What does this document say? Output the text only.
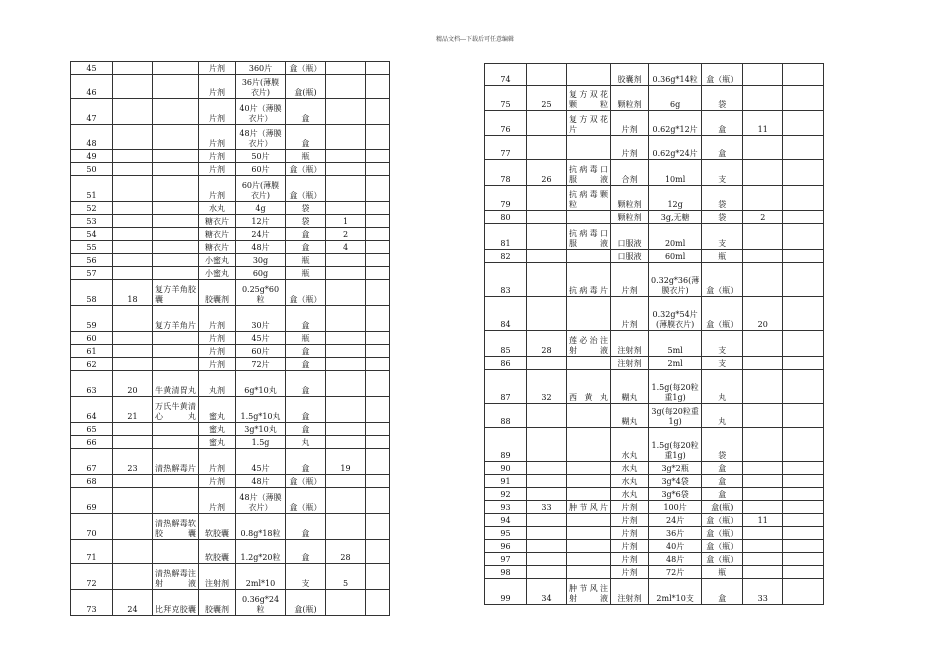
精品文档---下载后可任意编辑
45			片剂	360片	盒（瓶）		
46			片剂	36片(薄膜衣片)	盒(瓶)		
47			片剂	40片（薄膜衣片）	盒		
48			片剂	48片（薄膜衣片）	盒		
49			片剂	50片	瓶		
50			片剂	60片	盒（瓶）		
51			片剂	60片(薄膜衣片)	盒（瓶）		
52			水丸	4g	袋		
53			糖衣片	12片	袋	1	
54			糖衣片	24片	盒	2	
55			糖衣片	48片	盒	4	
56			小蜜丸	30g	瓶		
57			小蜜丸	60g	瓶		
58	18	复方羊角胶囊	胶囊剂	0.25g*60粒	盒（瓶）		
59		复方羊角片	片剂	30片	盒		
60			片剂	45片	瓶		
61			片剂	60片	盒		
62			片剂	72片	盒		
63	20	牛黄清胃丸	丸剂	6g*10丸	盒		
64	21	万氏牛黄清心丸	蜜丸	1.5g*10丸	盒		
65			蜜丸	3g*10丸	盒		
66			蜜丸	1.5g	丸		
67	23	清热解毒片	片剂	45片	盒	19	
68			片剂	48片	盒（瓶）		
69			片剂	48片（薄膜衣片）	盒（瓶）		
70		清热解毒软胶囊	软胶囊	0.8g*18粒	盒		
71			软胶囊	1.2g*20粒	盒	28	
72		清热解毒注射液	注射剂	2ml*10	支	5	
73	24	比拜克胶囊	胶囊剂	0.36g*24粒	盒(瓶)		
74			胶囊剂	0.36g*14粒	盒（瓶）		
75	25	复方双花颗粒	颗粒剂	6g	袋		
76		复方双花片	片剂	0.62g*12片	盒	11	
77			片剂	0.62g*24片	盒		
78	26	抗病毒口服液	合剂	10ml	支		
79		抗病毒颗粒	颗粒剂	12g	袋		
80			颗粒剂	3g,无糖	袋	2	
81		抗病毒口服液	口服液	20ml	支		
82			口服液	60ml	瓶		
83		抗病毒片	片剂	0.32g*36(薄膜衣片)	盒（瓶）		
84			片剂	0.32g*54片(薄膜衣片)	盒（瓶）	20	
85	28	莲必治注射液	注射剂	5ml	支		
86			注射剂	2ml	支		
87	32	西黄丸	糊丸	1.5g(每20粒重1g)	丸		
88			糊丸	3g(每20粒重1g)	丸		
89			水丸	1.5g(每20粒重1g)	袋		
90			水丸	3g*2瓶	盒		
91			水丸	3g*4袋	盒		
92			水丸	3g*6袋	盒		
93	33	肿节风片	片剂	100片	盒(瓶)		
94			片剂	24片	盒（瓶）	11	
95			片剂	36片	盒（瓶）		
96			片剂	40片	盒（瓶）		
97			片剂	48片	盒（瓶）		
98			片剂	72片	瓶		
99	34	肿节风注射液	注射剂	2ml*10支	盒	33	
